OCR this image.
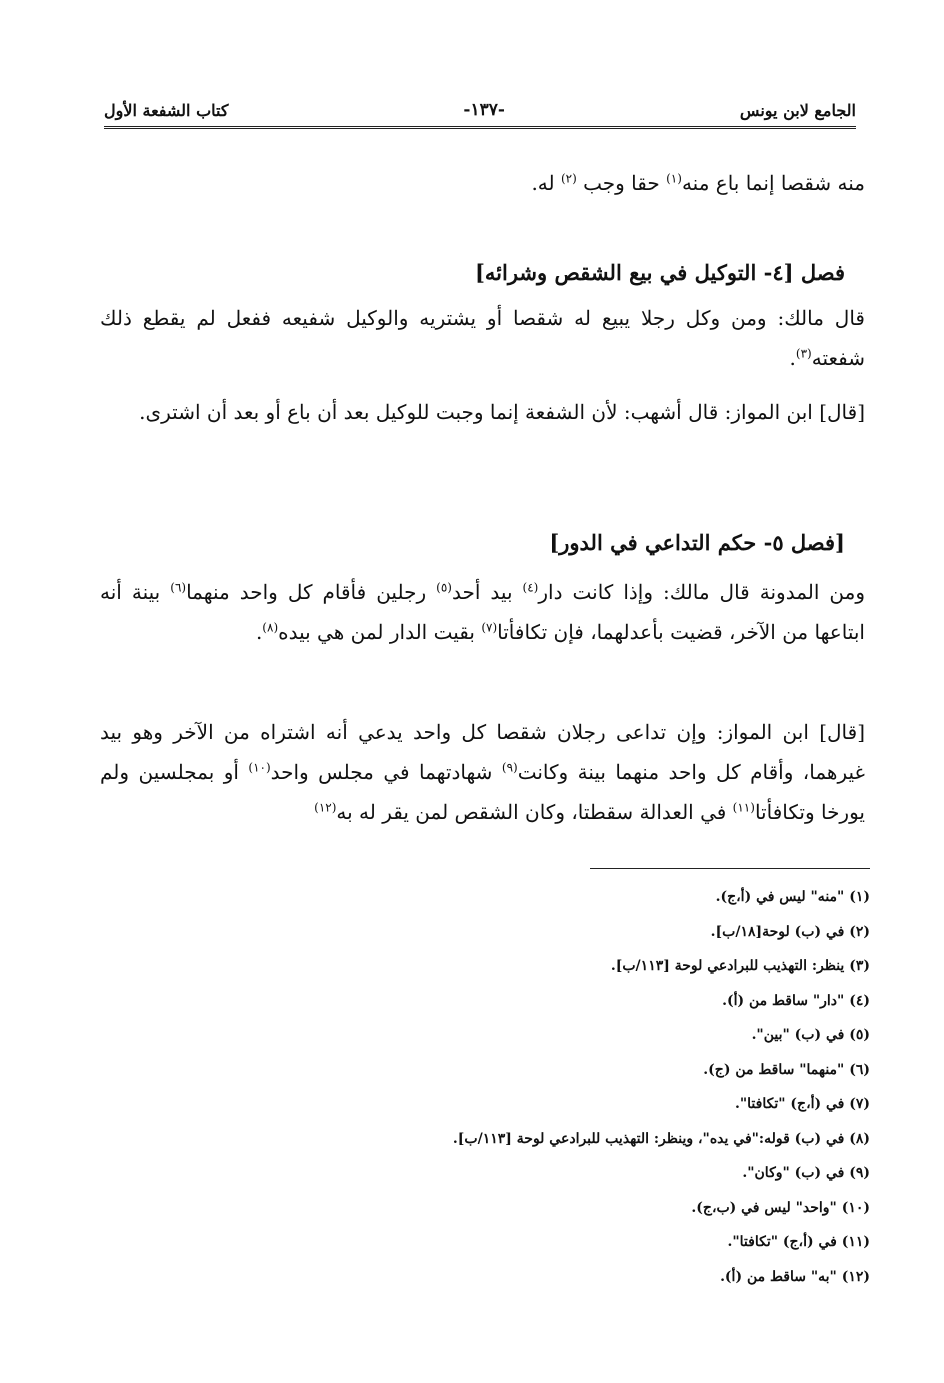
الجامع لابن يونس
-١٣٧-
كتاب الشفعة الأول

منه شقصا إنما باع منه$^{(١)}$ حقا وجب $^{(٢)}$ له.

فصل [٤- التوكيل في بيع الشقص وشرائه]

قال مالك: ومن وكل رجلا يبيع له شقصا أو يشتريه والوكيل شفيعه ففعل لم يقطع ذلك شفعته$^{(٣)}$.

[قال] ابن المواز: قال أشهب: لأن الشفعة إنما وجبت للوكيل بعد أن باع أو بعد أن اشترى.

[فصل ٥- حكم التداعي في الدور]

ومن المدونة قال مالك: وإذا كانت دار$^{(٤)}$ بيد أحد$^{(٥)}$ رجلين فأقام كل واحد منهما$^{(٦)}$ بينة أنه ابتاعها من الآخر، قضيت بأعدلهما، فإن تكافأتا$^{(٧)}$ بقيت الدار لمن هي بيده$^{(٨)}$.

[قال] ابن المواز: وإن تداعى رجلان شقصا كل واحد يدعي أنه اشتراه من الآخر وهو بيد غيرهما، وأقام كل واحد منهما بينة وكانت$^{(٩)}$ شهادتهما في مجلس واحد$^{(١٠)}$ أو بمجلسين ولم يورخا وتكافأتا$^{(١١)}$ في العدالة سقطتا، وكان الشقص لمن يقر له به$^{(١٢)}$

(١) "منه" ليس في (أ،ج).
(٢) في (ب) لوحة[١٨/ب].
(٣) ينظر: التهذيب للبرادعي لوحة [١١٣/ب].
(٤) "دار" ساقط من (أ).
(٥) في (ب) "بين".
(٦) "منهما" ساقط من (ج).
(٧) في (أ،ج) "تكافتا".
(٨) في (ب) قوله:"في يده"، وينظر: التهذيب للبرادعي لوحة [١١٣/ب].
(٩) في (ب) "وكان".
(١٠) "واحد" ليس في (ب،ج).
(١١) في (أ،ج) "تكافتا".
(١٢) "به" ساقط من (أ).
